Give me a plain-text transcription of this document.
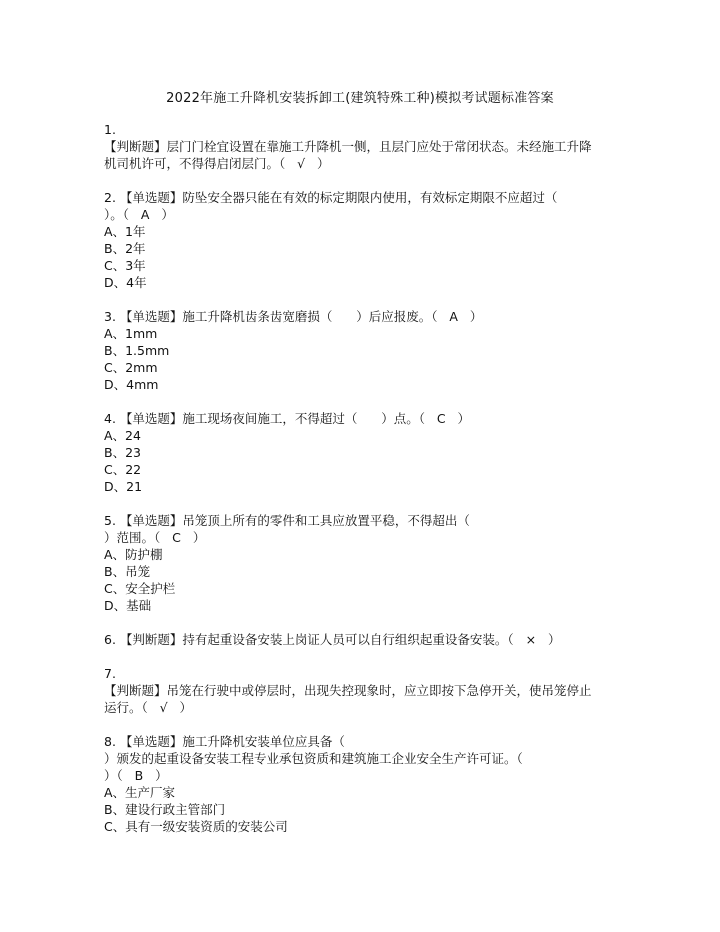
2022年施工升降机安装拆卸工(建筑特殊工种)模拟考试题标准答案
1.
【判断题】层门门栓宜设置在靠施工升降机一侧，且层门应处于常闭状态。未经施工升降
机司机许可，不得得启闭层门。（   √   ）
2. 【单选题】防坠安全器只能在有效的标定期限内使用，有效标定期限不应超过（
）。（   A   ）
A、1年
B、2年
C、3年
D、4年
3. 【单选题】施工升降机齿条齿宽磨损（      ）后应报废。（   A   ）
A、1mm
B、1.5mm
C、2mm
D、4mm
4. 【单选题】施工现场夜间施工，不得超过（      ）点。（   C   ）
A、24
B、23
C、22
D、21
5. 【单选题】吊笼顶上所有的零件和工具应放置平稳，不得超出（
）范围。（   C   ）
A、防护棚
B、吊笼
C、安全护栏
D、基础
6. 【判断题】持有起重设备安装上岗证人员可以自行组织起重设备安装。（   ×   ）
7.
【判断题】吊笼在行驶中或停层时，出现失控现象时，应立即按下急停开关，使吊笼停止
运行。（   √   ）
8. 【单选题】施工升降机安装单位应具备（
）颁发的起重设备安装工程专业承包资质和建筑施工企业安全生产许可证。（
）（   B   ）
A、生产厂家
B、建设行政主管部门
C、具有一级安装资质的安装公司
